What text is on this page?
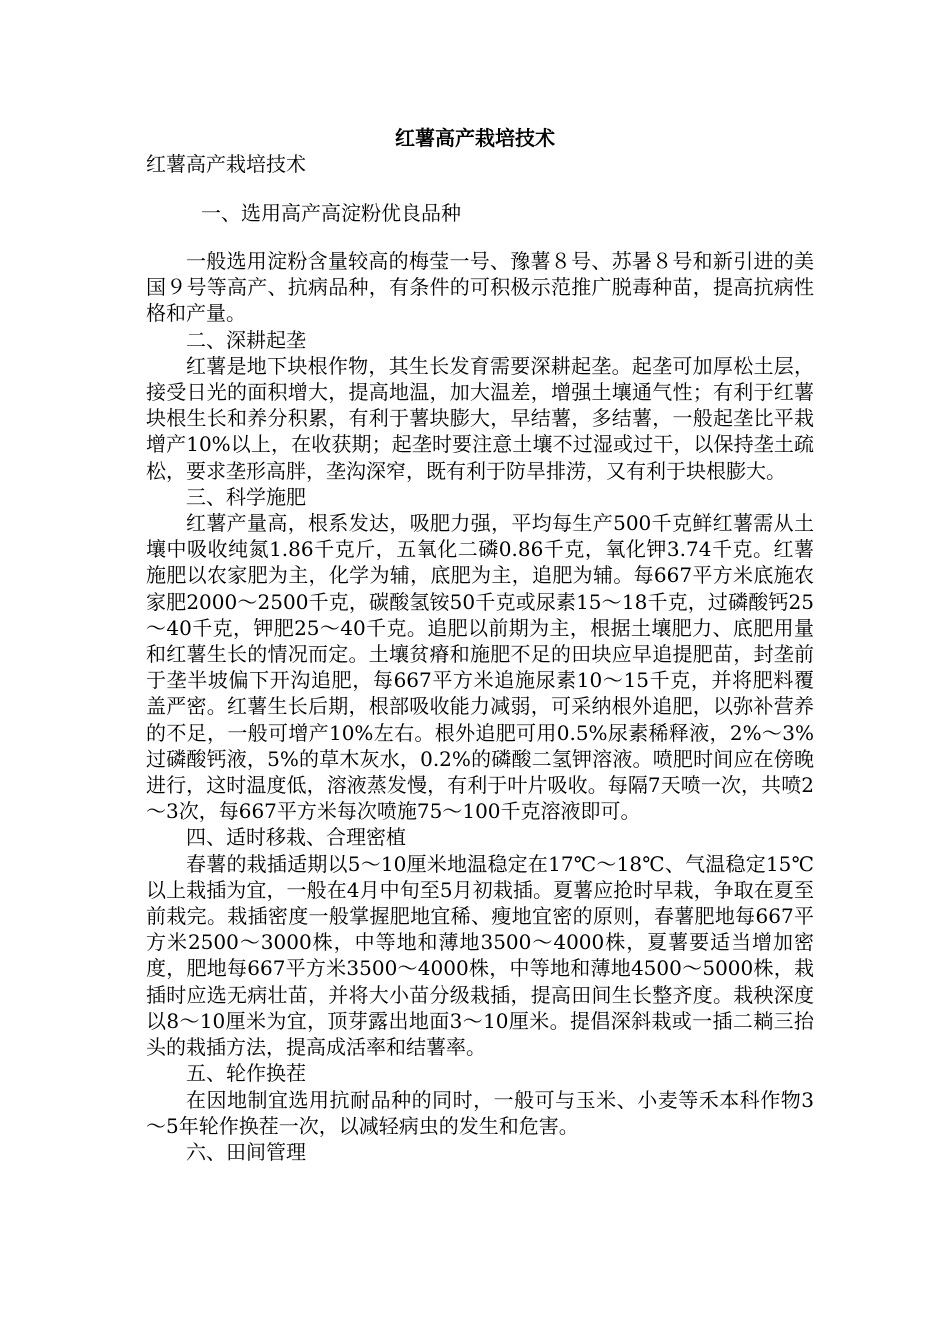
红薯高产栽培技术
红薯高产栽培技术
一、选用高产高淀粉优良品种

一般选用淀粉含量较高的梅莹一号、豫薯８号、苏暑８号和新引进的美国９号等高产、抗病品种，有条件的可积极示范推广脱毒种苗，提高抗病性格和产量。

二、深耕起垄

红薯是地下块根作物，其生长发育需要深耕起垄。起垄可加厚松土层，接受日光的面积增大，提高地温，加大温差，增强土壤通气性；有利于红薯块根生长和养分积累，有利于薯块膨大，早结薯，多结薯，一般起垄比平栽增产10%以上，在收获期；起垄时要注意土壤不过湿或过干，以保持垄土疏松，要求垄形高胖，垄沟深窄，既有利于防旱排涝，又有利于块根膨大。

三、科学施肥

红薯产量高，根系发达，吸肥力强，平均每生产500千克鲜红薯需从土壤中吸收纯氮1.86千克斤，五氧化二磷0.86千克，氧化钾3.74千克。红薯施肥以农家肥为主，化学为辅，底肥为主，追肥为辅。每667平方米底施农家肥2000～2500千克，碳酸氢铵50千克或尿素15～18千克，过磷酸钙25～40千克，钾肥25～40千克。追肥以前期为主，根据土壤肥力、底肥用量和红薯生长的情况而定。土壤贫瘠和施肥不足的田块应早追提肥苗，封垄前于垄半坡偏下开沟追肥，每667平方米追施尿素10～15千克，并将肥料覆盖严密。红薯生长后期，根部吸收能力减弱，可采纳根外追肥，以弥补营养的不足，一般可增产10%左右。根外追肥可用0.5%尿素稀释液，2%～3%过磷酸钙液，5%的草木灰水，0.2%的磷酸二氢钾溶液。喷肥时间应在傍晚进行，这时温度低，溶液蒸发慢，有利于叶片吸收。每隔7天喷一次，共喷2～3次，每667平方米每次喷施75～100千克溶液即可。

四、适时移栽、合理密植

春薯的栽插适期以5～10厘米地温稳定在17℃～18℃、气温稳定15℃以上栽插为宜，一般在4月中旬至5月初栽插。夏薯应抢时早栽，争取在夏至前栽完。栽插密度一般掌握肥地宜稀、瘦地宜密的原则，春薯肥地每667平方米2500～3000株，中等地和薄地3500～4000株，夏薯要适当增加密度，肥地每667平方米3500～4000株，中等地和薄地4500～5000株，栽插时应选无病壮苗，并将大小苗分级栽插，提高田间生长整齐度。栽秧深度以8～10厘米为宜，顶芽露出地面3～10厘米。提倡深斜栽或一插二耥三抬头的栽插方法，提高成活率和结薯率。

五、轮作换茬

在因地制宜选用抗耐品种的同时，一般可与玉米、小麦等禾本科作物3～5年轮作换茬一次，以减轻病虫的发生和危害。

六、田间管理
